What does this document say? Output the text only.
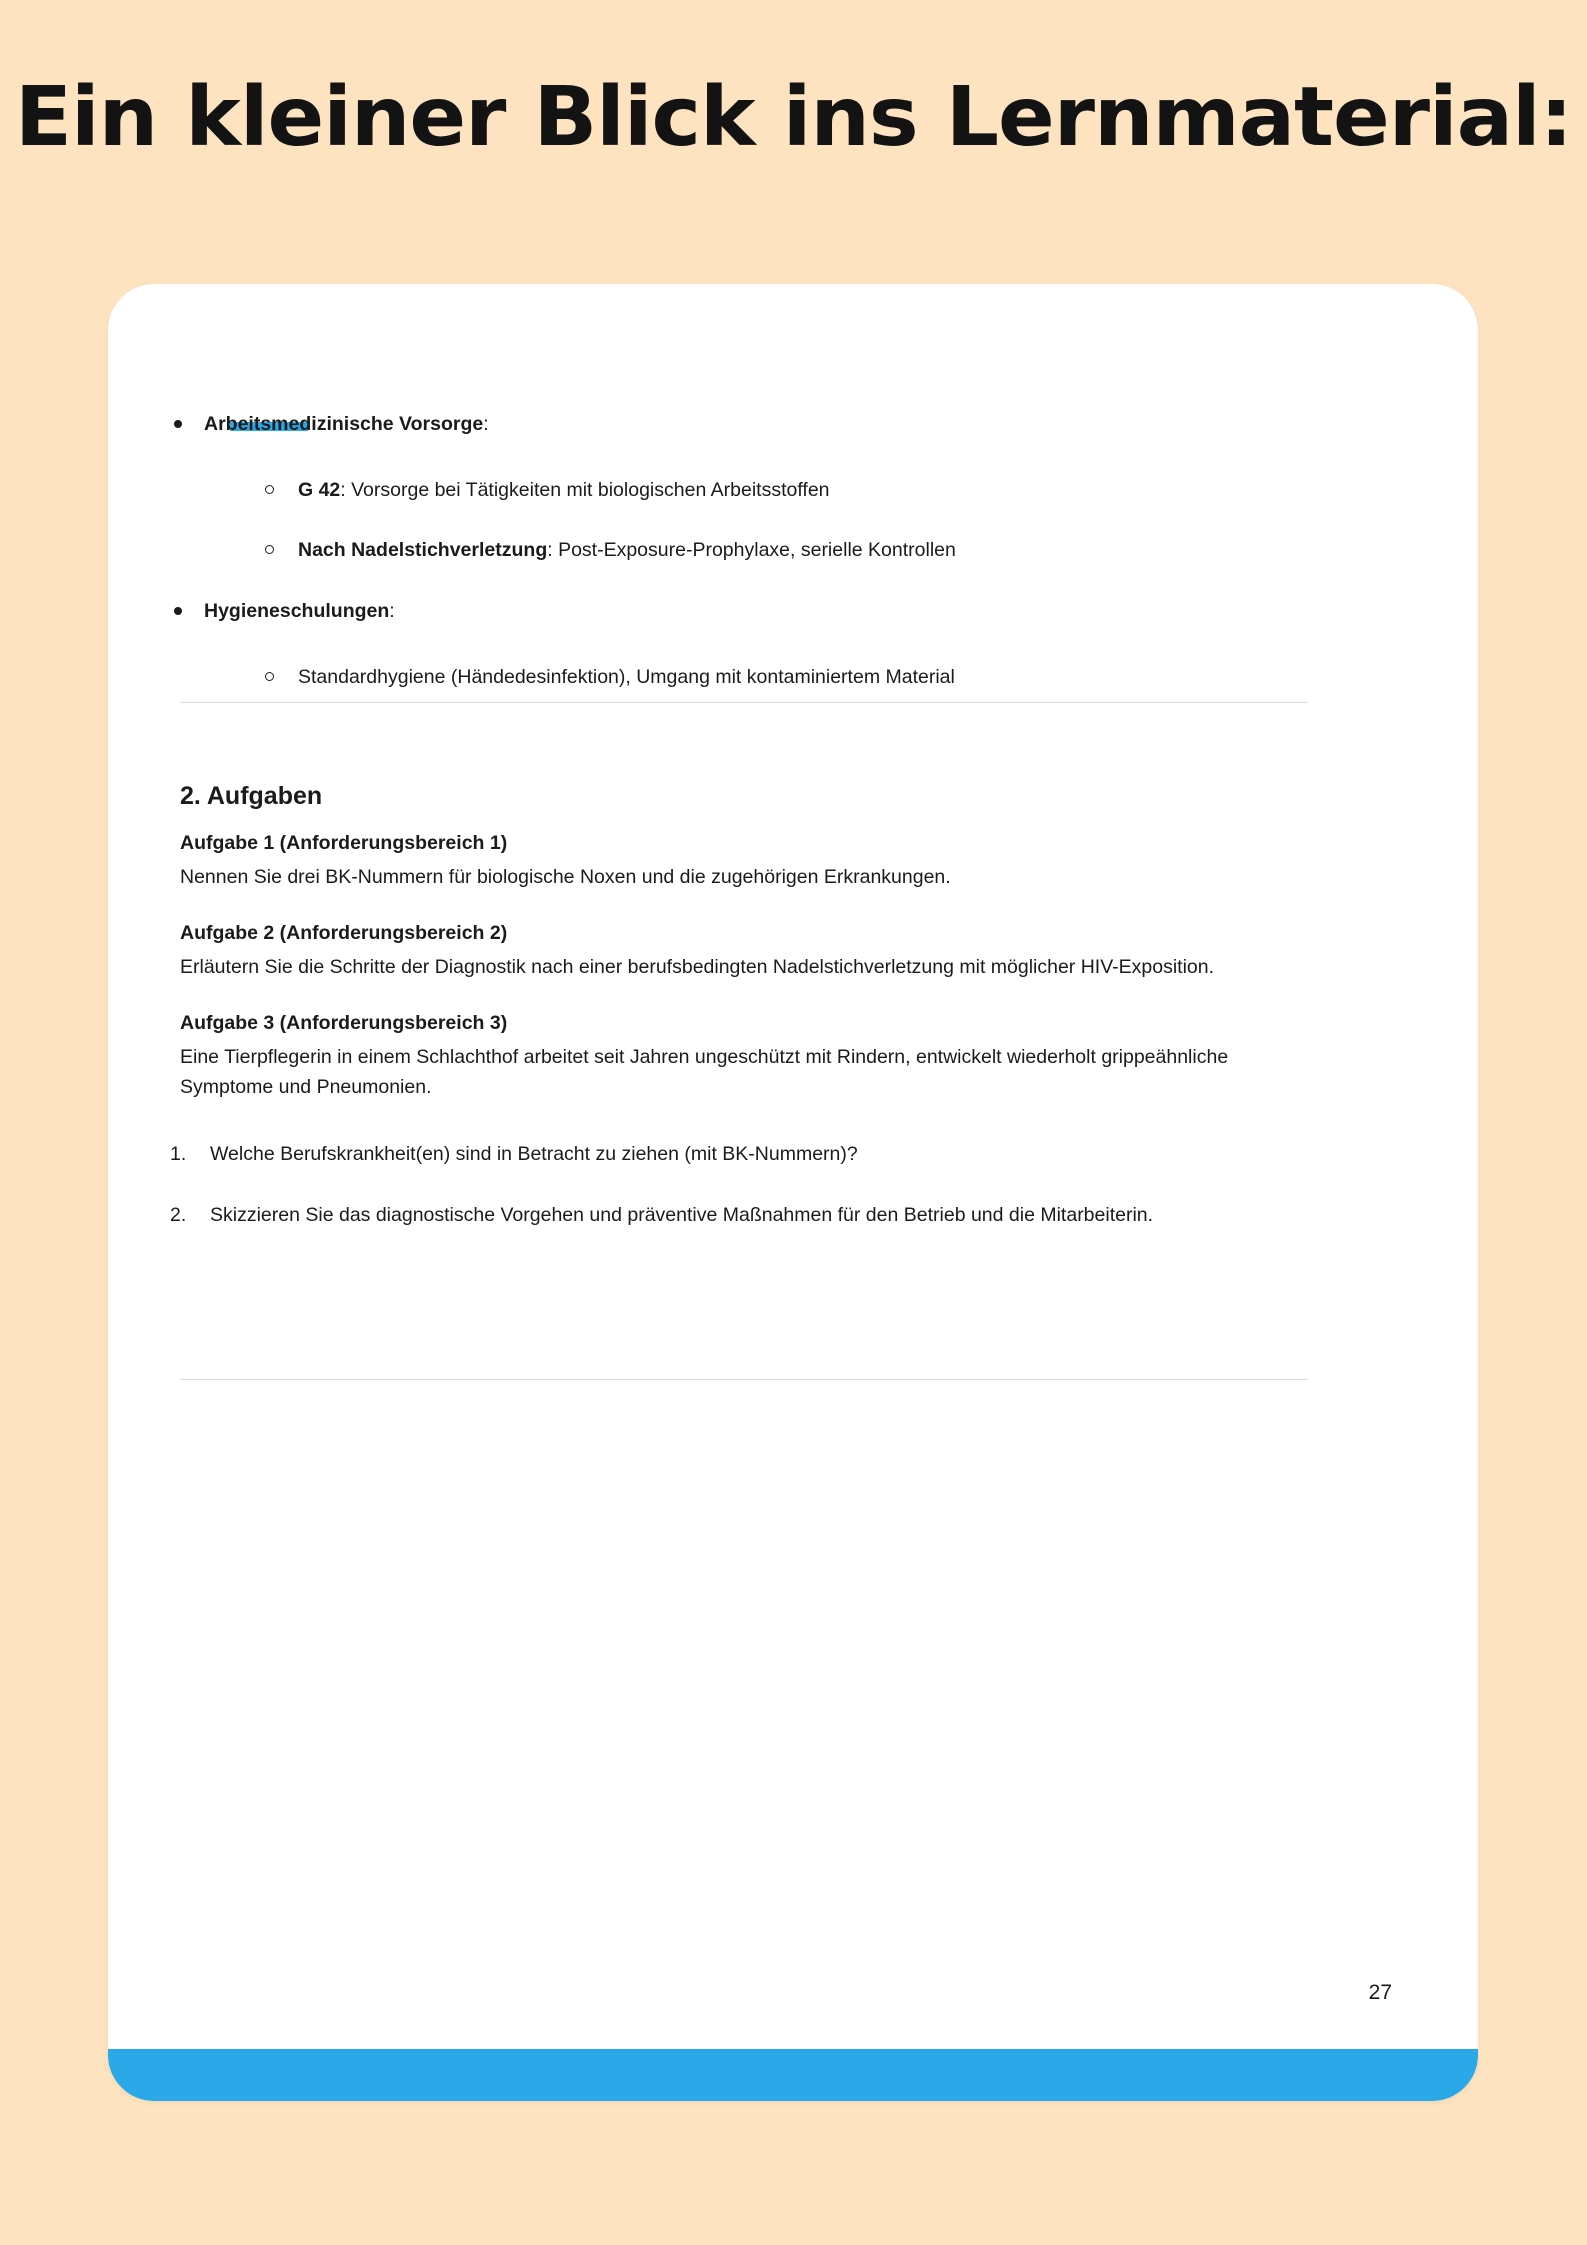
Ein kleiner Blick ins Lernmaterial:
Arbeitsmedizinische Vorsorge:
G 42: Vorsorge bei Tätigkeiten mit biologischen Arbeitsstoffen
Nach Nadelstichverletzung: Post-Exposure-Prophylaxe, serielle Kontrollen
Hygieneschulungen:
Standardhygiene (Händedesinfektion), Umgang mit kontaminiertem Material
2. Aufgaben
Aufgabe 1 (Anforderungsbereich 1)
Nennen Sie drei BK-Nummern für biologische Noxen und die zugehörigen Erkrankungen.
Aufgabe 2 (Anforderungsbereich 2)
Erläutern Sie die Schritte der Diagnostik nach einer berufsbedingten Nadelstichverletzung mit möglicher HIV-Exposition.
Aufgabe 3 (Anforderungsbereich 3)
Eine Tierpflegerin in einem Schlachthof arbeitet seit Jahren ungeschützt mit Rindern, entwickelt wiederholt grippeähnliche Symptome und Pneumonien.
1. Welche Berufskrankheit(en) sind in Betracht zu ziehen (mit BK-Nummern)?
2. Skizzieren Sie das diagnostische Vorgehen und präventive Maßnahmen für den Betrieb und die Mitarbeiterin.
27
